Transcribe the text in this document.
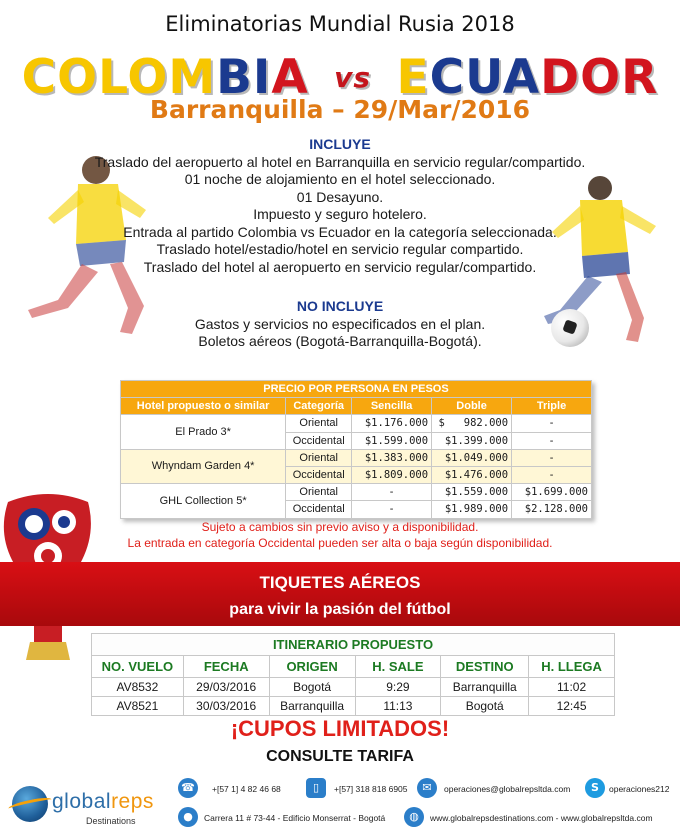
Eliminatorias Mundial Rusia 2018
COLOMBIA vs ECUADOR
Barranquilla – 29/Mar/2016
INCLUYE
Traslado del aeropuerto al hotel en Barranquilla en servicio regular/compartido.
01 noche de alojamiento en el hotel seleccionado.
01 Desayuno.
Impuesto y seguro hotelero.
Entrada al partido Colombia vs Ecuador en la categoría seleccionada.
Traslado hotel/estadio/hotel en servicio regular compartido.
Traslado del hotel al aeropuerto en servicio regular/compartido.
NO INCLUYE
Gastos y servicios no especificados en el plan.
Boletos aéreos (Bogotá-Barranquilla-Bogotá).
PRECIO POR PERSONA EN PESOS				
Hotel propuesto o similar	Categoría	Sencilla	Doble	Triple
El Prado 3*	Oriental	$1.176.000	$   982.000	-
	Occidental	$1.599.000	$1.399.000	-
Whyndam Garden 4*	Oriental	$1.383.000	$1.049.000	-
	Occidental	$1.809.000	$1.476.000	-
GHL Collection 5*	Oriental	-	$1.559.000	$1.699.000
	Occidental	-	$1.989.000	$2.128.000
Sujeto a cambios sin previo aviso y a disponibilidad.
La entrada en categoría Occidental pueden ser alta o baja según disponibilidad.
TIQUETES AÉREOS
para vivir la pasión del fútbol
ITINERARIO PROPUESTO					
NO. VUELO	FECHA	ORIGEN	H. SALE	DESTINO	H. LLEGA
AV8532	29/03/2016	Bogotá	9:29	Barranquilla	11:02
AV8521	30/03/2016	Barranquilla	11:13	Bogotá	12:45
¡CUPOS LIMITADOS!
CONSULTE TARIFA
globalreps
Destinations
☎	+[57 1] 4 82 46 68	▯	+[57] 318 818 6905	✉	operaciones@globalrepsltda.com	S	operaciones212
●	Carrera 11 # 73-44 - Edificio Monserrat - Bogotá	◍	www.globalrepsdestinations.com - www.globalrepsltda.com
